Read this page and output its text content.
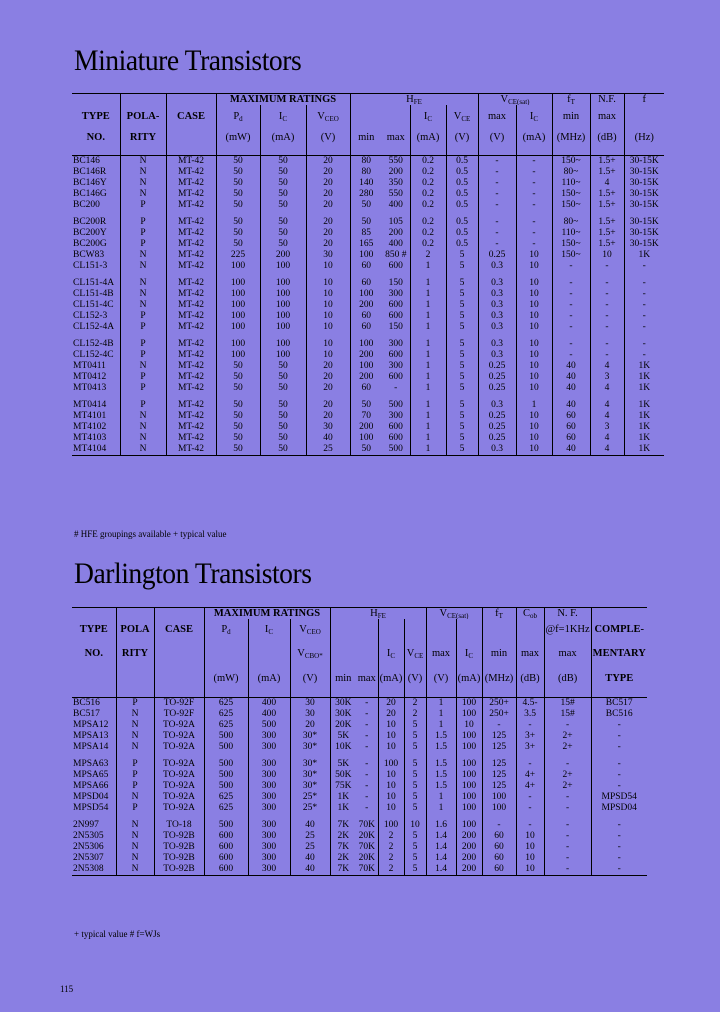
Miniature Transistors
			MAXIMUM RATINGS			$H_{FE}$				$V_{CE(sat)}$		$f_T$	N.F.	f
TYPE	POLA-	CASE	$P_d$	$I_C$	$V_{CEO}$			$I_C$	$V_{CE}$	max	$I_C$	min	max	
NO.	RITY		(mW)	(mA)	(V)	min	max	(mA)	(V)	(V)	(mA)	(MHz)	(dB)	(Hz)

BC146	N	MT-42	50	50	20	80	550	0.2	0.5	-	-	150~	1.5+	30-15K
BC146R	N	MT-42	50	50	20	80	200	0.2	0.5	-	-	80~	1.5+	30-15K
BC146Y	N	MT-42	50	50	20	140	350	0.2	0.5	-	-	110~	4	30-15K
BC146G	N	MT-42	50	50	20	280	550	0.2	0.5	-	-	150~	1.5+	30-15K
BC200	P	MT-42	50	50	20	50	400	0.2	0.5	-	-	150~	1.5+	30-15K
BC200R	P	MT-42	50	50	20	50	105	0.2	0.5	-	-	80~	1.5+	30-15K
BC200Y	P	MT-42	50	50	20	85	200	0.2	0.5	-	-	110~	1.5+	30-15K
BC200G	P	MT-42	50	50	20	165	400	0.2	0.5	-	-	150~	1.5+	30-15K
BCW83	N	MT-42	225	200	30	100	850 #	2	5	0.25	10	150~	10	1K
CL151-3	N	MT-42	100	100	10	60	600	1	5	0.3	10	-	-	-
CL151-4A	N	MT-42	100	100	10	60	150	1	5	0.3	10	-	-	-
CL151-4B	N	MT-42	100	100	10	100	300	1	5	0.3	10	-	-	-
CL151-4C	N	MT-42	100	100	10	200	600	1	5	0.3	10	-	-	-
CL152-3	P	MT-42	100	100	10	60	600	1	5	0.3	10	-	-	-
CL152-4A	P	MT-42	100	100	10	60	150	1	5	0.3	10	-	-	-
CL152-4B	P	MT-42	100	100	10	100	300	1	5	0.3	10	-	-	-
CL152-4C	P	MT-42	100	100	10	200	600	1	5	0.3	10	-	-	-
MT0411	N	MT-42	50	50	20	100	300	1	5	0.25	10	40	4	1K
MT0412	P	MT-42	50	50	20	200	600	1	5	0.25	10	40	3	1K
MT0413	P	MT-42	50	50	20	60	-	1	5	0.25	10	40	4	1K
MT0414	P	MT-42	50	50	20	50	500	1	5	0.3	1	40	4	1K
MT4101	N	MT-42	50	50	20	70	300	1	5	0.25	10	60	4	1K
MT4102	N	MT-42	50	50	30	200	600	1	5	0.25	10	60	3	1K
MT4103	N	MT-42	50	50	40	100	600	1	5	0.25	10	60	4	1K
MT4104	N	MT-42	50	50	25	50	500	1	5	0.3	10	40	4	1K

# HFE groupings available + typical value

Darlington Transistors
			MAXIMUM RATINGS			$H_{FE}$				$V_{CE(sat)}$		$f_T$	$C_{ob}$	N. F.	
TYPE	POLA	CASE	$P_d$	$I_C$	$V_{CEO}$									@f=1KHz	COMPLE-
NO.	RITY				$V_{CBO*}$			$I_C$	$V_{CE}$	max	$I_C$	min	max	max	MENTARY
			(mW)	(mA)	(V)	min	max	(mA)	(V)	(V)	(mA)	(MHz)	(dB)	(dB)	TYPE

BC516	P	TO-92F	625	400	30	30K	-	20	2	1	100	250+	4.5-	15#	BC517
BC517	N	TO-92F	625	400	30	30K	-	20	2	1	100	250+	3.5	15#	BC516
MPSA12	N	TO-92A	625	500	20	20K	-	10	5	1	10	-	-	-	-
MPSA13	N	TO-92A	500	300	30*	5K	-	10	5	1.5	100	125	3+	2+	-
MPSA14	N	TO-92A	500	300	30*	10K	-	10	5	1.5	100	125	3+	2+	-
MPSA63	P	TO-92A	500	300	30*	5K	-	100	5	1.5	100	125	-	-	-
MPSA65	P	TO-92A	500	300	30*	50K	-	10	5	1.5	100	125	4+	2+	-
MPSA66	P	TO-92A	500	300	30*	75K	-	10	5	1.5	100	125	4+	2+	-
MPSD04	N	TO-92A	625	300	25*	1K	-	10	5	1	100	100	-	-	MPSD54
MPSD54	P	TO-92A	625	300	25*	1K	-	10	5	1	100	100	-	-	MPSD04
2N997	N	TO-18	500	300	40	7K	70K	100	10	1.6	100	-	-	-	-
2N5305	N	TO-92B	600	300	25	2K	20K	2	5	1.4	200	60	10	-	-
2N5306	N	TO-92B	600	300	25	7K	70K	2	5	1.4	200	60	10	-	-
2N5307	N	TO-92B	600	300	40	2K	20K	2	5	1.4	200	60	10	-	-
2N5308	N	TO-92B	600	300	40	7K	70K	2	5	1.4	200	60	10	-	-

+ typical value # f=WJs

115
